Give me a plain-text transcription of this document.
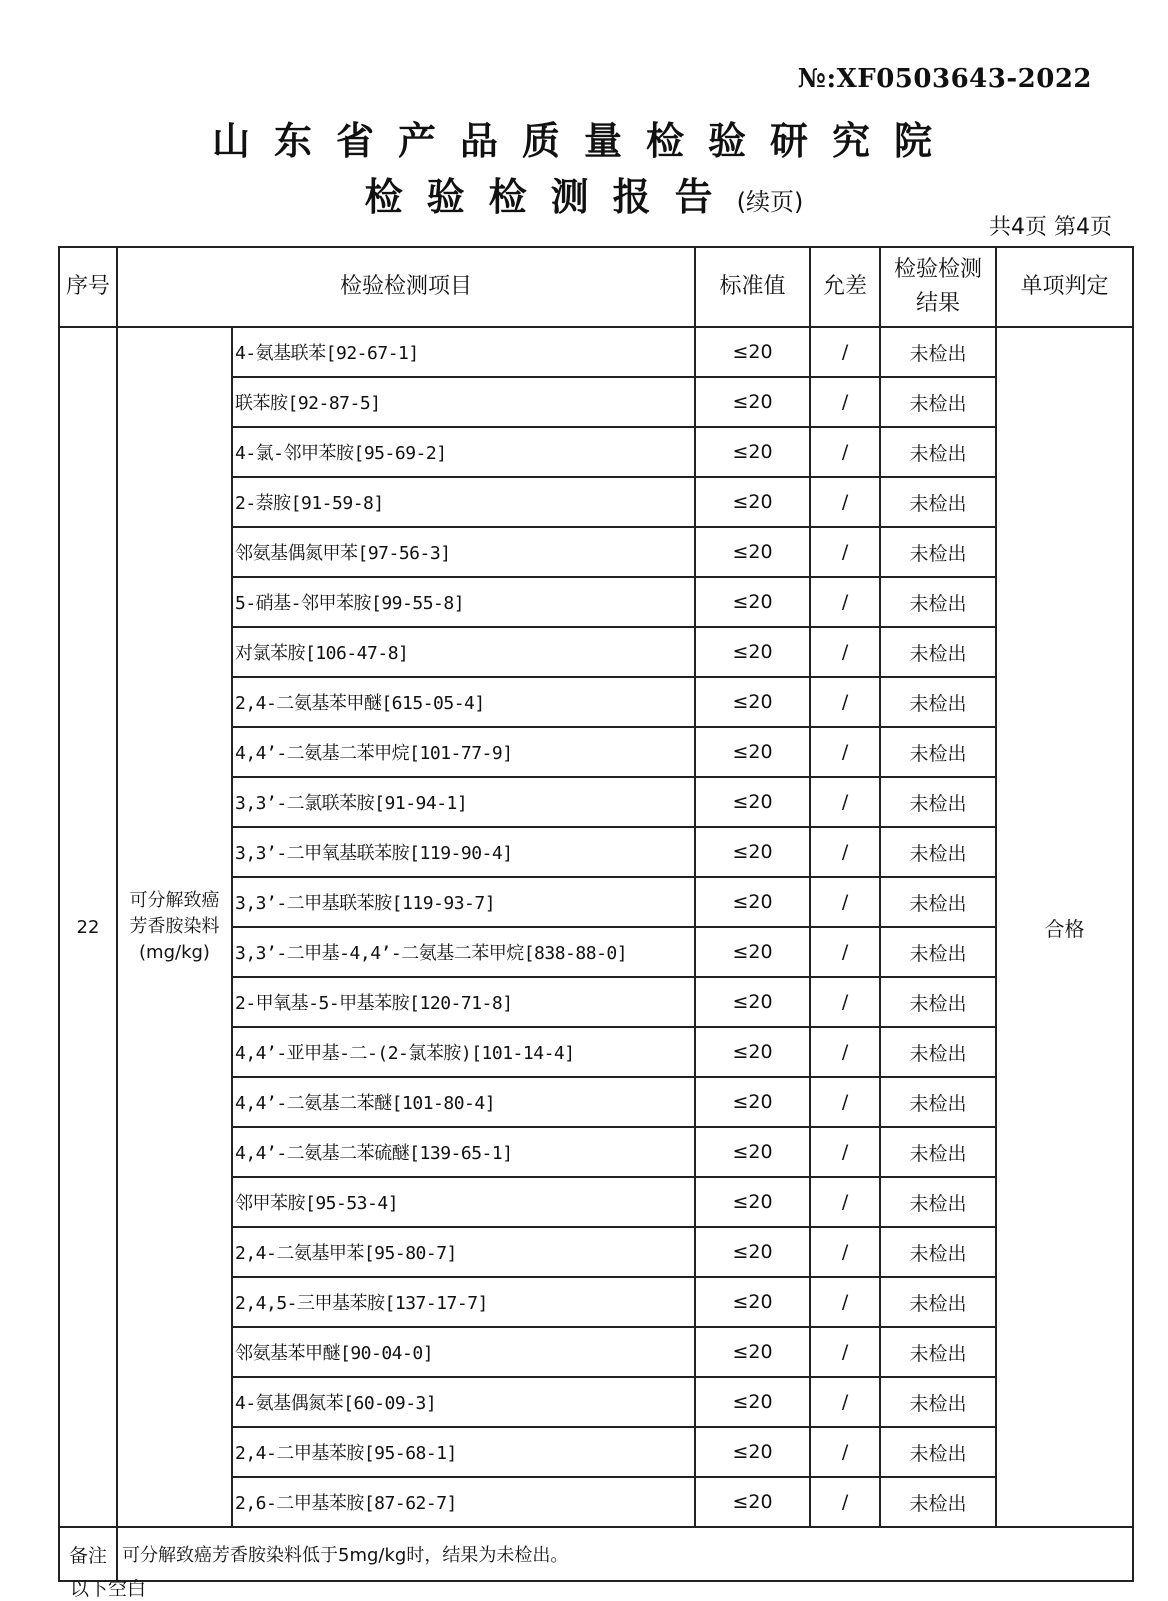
№:XF0503643-2022
山东省产品质量检验研究院
检验检测报告(续页)
共4页 第4页
序号	检验检测项目		标准值	允差	检验检测结果	单项判定
22	可分解致癌
芳香胺染料
(mg/kg)	4-氨基联苯[92-67-1]	≤20	/	未检出	合格
		联苯胺[92-87-5]	≤20	/	未检出	
		4-氯-邻甲苯胺[95-69-2]	≤20	/	未检出	
		2-萘胺[91-59-8]	≤20	/	未检出	
		邻氨基偶氮甲苯[97-56-3]	≤20	/	未检出	
		5-硝基-邻甲苯胺[99-55-8]	≤20	/	未检出	
		对氯苯胺[106-47-8]	≤20	/	未检出	
		2,4-二氨基苯甲醚[615-05-4]	≤20	/	未检出	
		4,4’-二氨基二苯甲烷[101-77-9]	≤20	/	未检出	
		3,3’-二氯联苯胺[91-94-1]	≤20	/	未检出	
		3,3’-二甲氧基联苯胺[119-90-4]	≤20	/	未检出	
		3,3’-二甲基联苯胺[119-93-7]	≤20	/	未检出	
		3,3’-二甲基-4,4’-二氨基二苯甲烷[838-88-0]	≤20	/	未检出	
		2-甲氧基-5-甲基苯胺[120-71-8]	≤20	/	未检出	
		4,4’-亚甲基-二-(2-氯苯胺)[101-14-4]	≤20	/	未检出	
		4,4’-二氨基二苯醚[101-80-4]	≤20	/	未检出	
		4,4’-二氨基二苯硫醚[139-65-1]	≤20	/	未检出	
		邻甲苯胺[95-53-4]	≤20	/	未检出	
		2,4-二氨基甲苯[95-80-7]	≤20	/	未检出	
		2,4,5-三甲基苯胺[137-17-7]	≤20	/	未检出	
		邻氨基苯甲醚[90-04-0]	≤20	/	未检出	
		4-氨基偶氮苯[60-09-3]	≤20	/	未检出	
		2,4-二甲基苯胺[95-68-1]	≤20	/	未检出	
		2,6-二甲基苯胺[87-62-7]	≤20	/	未检出	
备注	可分解致癌芳香胺染料低于5mg/kg时，结果为未检出。					
以下空白
